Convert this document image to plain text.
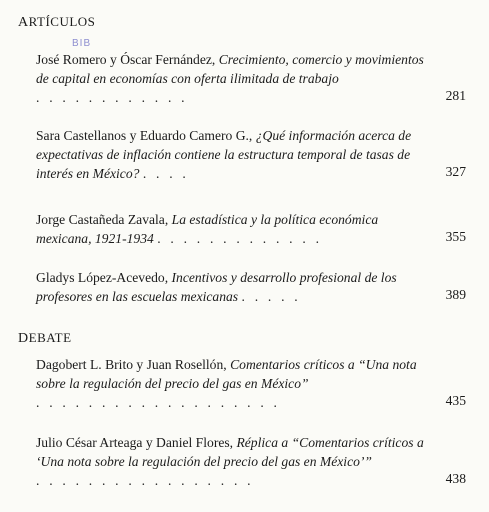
ARTÍCULOS
BIB
José Romero y Óscar Fernández, Crecimiento, comercio y movimientos de capital en economías con oferta ilimitada de trabajo . . . . . . . . . . . .	281
Sara Castellanos y Eduardo Camero G., ¿Qué información acerca de expectativas de inflación contiene la estructura temporal de tasas de interés en México? . . . .	327
Jorge Castañeda Zavala, La estadística y la política económica mexicana, 1921-1934 . . . . . . . . . . . . .	355
Gladys López-Acevedo, Incentivos y desarrollo profesional de los profesores en las escuelas mexicanas . . . . .	389
DEBATE
Dagobert L. Brito y Juan Rosellón, Comentarios críticos a “Una nota sobre la regulación del precio del gas en México” . . . . . . . . . . . . . . . . . . .	435
Julio César Arteaga y Daniel Flores, Réplica a “Comentarios críticos a ‘Una nota sobre la regulación del precio del gas en México’” . . . . . . . . . . . . . . . . .	438
